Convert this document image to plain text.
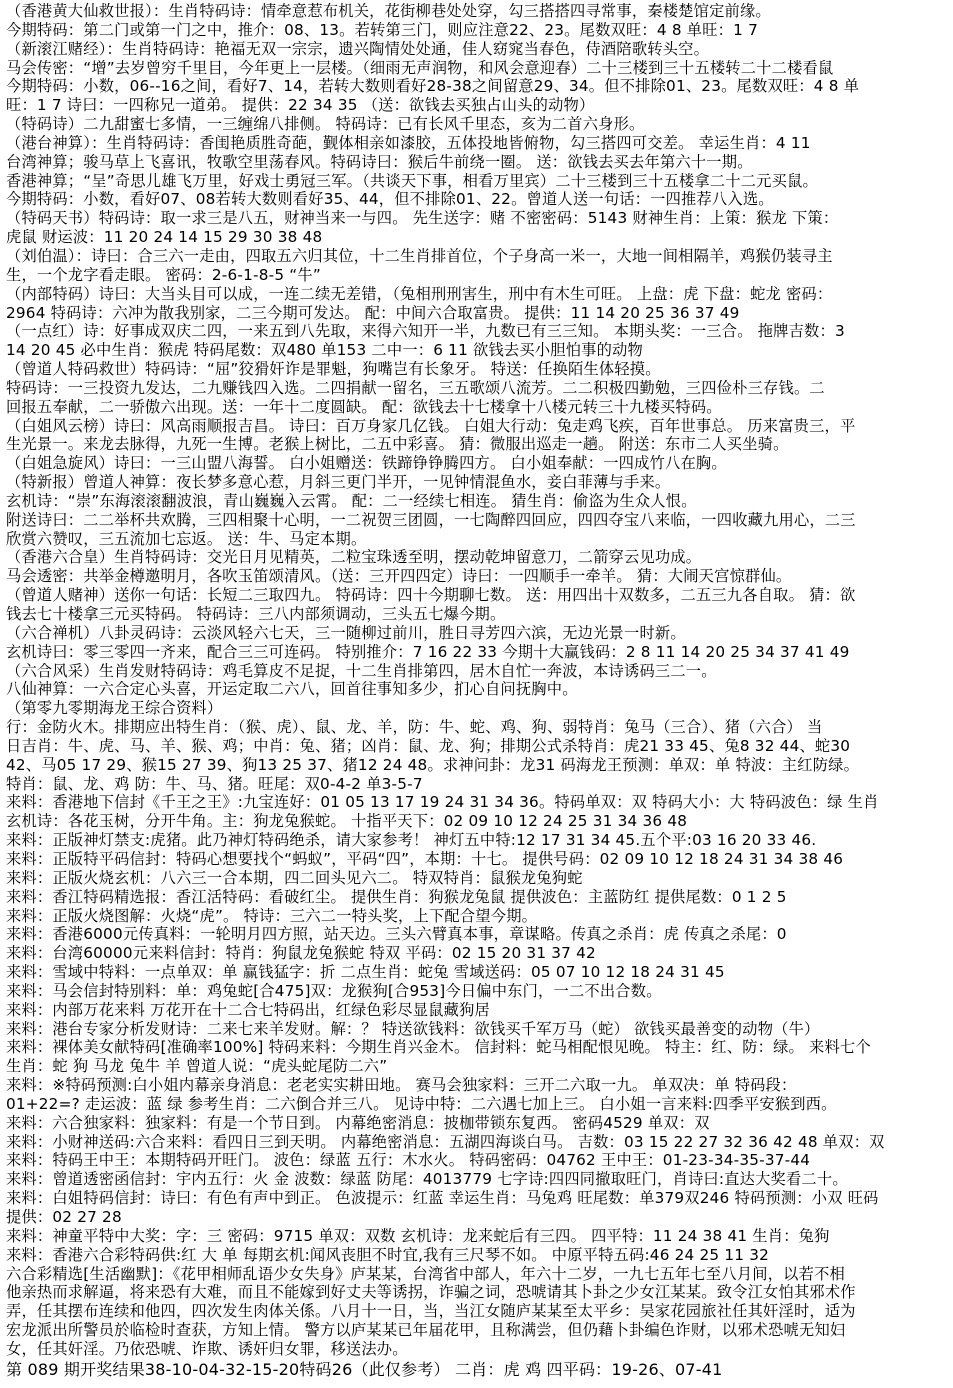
（香港黄大仙救世报）：生肖特码诗：情牵意惹布机关，花街柳巷处处穿，勾三搭搭四寻常事，秦楼楚馆定前缘。
今期特码：第二门或第一门之中，推介：08、13。若转第三门，则应注意22、23。尾数双旺：4 8 单旺：1 7
（新滚江赌经）：生肖特码诗：艳福无双一宗宗，遗兴陶情处处通，佳人窈窕当春色，侍酒陪歌转头空。
马会传密：“增”去岁曾穷千里目，今年更上一层楼。（细雨无声润物，和风会意迎春）二十三楼到三十五楼转二十二楼看鼠
今期特码：小数，06--16之间，看好7、14，若转大数则看好28-38之间留意29、34。但不排除01、23。尾数双旺：4 8 单
旺：1 7 诗曰：一四称兄一道弟。 提供：22 34 35 （送：欲钱去买独占山头的动物）
（特码诗）二九甜蜜七多情，一三缠绵八排侧。 特码诗：已有长风千里态，亥为二首六身形。
（港台神算）：生肖特码诗：香闺艳质胜奇葩，觐体相亲如漆胶，五体投地皆俯物，勾三搭四可交差。 幸运生肖：4 11
台湾神算；骏马草上飞喜讯，牧歌空里荡春风。特码诗曰：猴后牛前绕一圈。 送：欲钱去买去年第六十一期。
香港神算；“呈”奇思儿雄飞万里，好戏士勇冠三军。（共谈天下事，相看万里宾）二十三楼到三十五楼拿二十二元买鼠。
今期特码：小数，看好07、08若转大数则看好35、44，但不排除01、22。曾道人送一句话：一四推荐八入选。
（特码天书）特码诗：取一求三是八五，财神当来一与四。 先生送字：赌 不密密码：5143 财神生肖：上策：猴龙 下策：
虎鼠 财运波：11 20 24 14 15 29 30 38 48
（刘伯温）：诗曰：合三六一走由，四取五六归其位，十二生肖排首位，个子身高一米一，大地一间相隔羊，鸡猴仍装寻主
生，一个龙字看走眼。 密码：2-6-1-8-5 “牛”
（内部特码）诗曰：大当头目可以成，一连二续无差错，（兔相刑刑害生，刑中有木生可旺。 上盘：虎 下盘：蛇龙 密码：
2964 特码诗：六冲为散我别家，二三今期可发达。 配：中间六合取富贵。 提供：11 14 20 25 36 37 49
（一点红）诗：好事成双庆二四，一来五到八先取，来得六知开一半，九数已有三三知。 本期头奖：一三合。 拖牌吉数：3
14 20 45 必中生肖：猴虎 特码尾数：双480 单153 二中一：6 11 欲钱去买小胆怕事的动物
（曾道人特码救世）特码诗：“屈”狡猾奸诈是罪魁，狗嘴岂有长象牙。 特送：任换陌生体轻摸。
特码诗：一三投资九发达，二九赚钱四入选。二四捐献一留名，三五歌颂八流芳。二二积极四勤勉，三四俭朴三存钱。二
回报五奉献，二一骄傲六出现。送：一年十二度圆缺。 配：欲钱去十七楼拿十八楼元转三十九楼买特码。
（白姐风云榜）诗曰：风高雨顺报吉昌。 诗曰：百万身家几亿钱。 白姐大行动：兔走鸡飞疾，百年世事总。 历来富贵三，平
生光景一。来龙去脉得，九死一生博。老猴上树比，二五中彩喜。 猜：微服出巡走一趟。 附送：东市二人买坐骑。
（白姐急旋风）诗曰：一三山盟八海誓。 白小姐赠送：铁蹄铮铮腾四方。 白小姐奉献：一四成竹八在胸。
（特新报）曾道人神算：夜长梦多意心惹，月斜三更门半开，一见钟情混鱼水，妾白菲薄与手来。
玄机诗：“崇”东海滚滚翻波浪，青山巍巍入云霄。 配：二一经续七相连。 猜生肖：偷盗为生众人恨。
附送诗曰：二二举杯共欢腾，三四相聚十心明，一二祝贺三团圆，一七陶醉四回应，四四夺宝八来临，一四收藏九用心，二三
欣赏六赞叹，三五流加七忘返。 送：牛、马定本期。
（香港六合皇）生肖特码诗：交光日月见精英，二粒宝珠透至明，摆动乾坤留意刀，二箭穿云见功成。
马会透密：共举金樽邀明月，各吹玉笛颂清风。（送：三开四四定）诗曰：一四顺手一牵羊。 猜：大闹天宫惊群仙。
（曾道人赌神）送你一句话：长短二三取四九。 特码诗：四十今期聊七数。 送：用四出十双数多，二五三九各自取。 猜：欲
钱去七十楼拿三元买特码。 特码诗：三八内部须调动，三头五七爆今期。
（六合禅机）八卦灵码诗：云淡风轻六七天，三一随柳过前川，胜日寻芳四六滨，无边光景一时新。
玄机诗曰：零三零四一齐来，配合三三可连码。 特别推介：7 16 22 33 今期十大赢钱码：2 8 11 14 20 25 34 37 41 49
（六合风采）生肖发财特码诗：鸡毛算皮不足捉，十二生肖排第四，居木自忙一奔波，本诗诱码三二一。
八仙神算：一六合定心头喜，开运定取二六八，回首往事知多少，扪心自问抚胸中。
（第零九零期海龙王综合资料）
行：金防火木。排期应出特生肖：（猴、虎）、鼠、龙、羊，防：牛、蛇、鸡、狗、弱特肖：兔马（三合）、猪（六合） 当
日吉肖：牛、虎、马、羊、猴、鸡；中肖：兔、猪；凶肖：鼠、龙、狗；排期公式杀特肖：虎21 33 45、兔8 32 44、蛇30
42、马05 17 29、猴15 27 39、狗13 25 37、猪12 24 48。求神问卦：龙31 码海龙王预测：单双：单 特波：主红防绿。
特肖：鼠、龙、鸡 防：牛、马、猪。旺尾：双0-4-2 单3-5-7
来料：香港地下信封《千王之王》:九宝连好：01 05 13 17 19 24 31 34 36。特码单双：双 特码大小：大 特码波色：绿 生肖
玄机诗：各花玉树，分开牛角。主：狗龙兔猴蛇。 十指平天下：02 09 10 12 24 25 31 34 36 48
来料：正版神灯禁支:虎猪。此乃神灯特码绝杀，请大家参考！ 神灯五中特:12 17 31 34 45.五个平:03 16 20 33 46.
来料：正版特平码信封：特码心想要找个“蚂蚁”，平码“四”，本期：十七。 提供号码：02 09 10 12 18 24 31 34 38 46
来料：正版火烧玄机：八六三一合本期，四二回头见六二。 特双特肖：鼠猴龙兔狗蛇
来料：香江特码精选报：香江活特码：看破红尘。 提供生肖：狗猴龙兔鼠 提供波色：主蓝防红 提供尾数：0 1 2 5
来料：正版火烧图解：火烧“虎”。 特诗：三六二一特头奖，上下配合望今期。
来料：香港6000元传真料：一轮明月四方照，站天边。三头六臂真本事，章谋略。传真之杀肖：虎 传真之杀尾：0
来料：台湾60000元来料信封：特肖：狗鼠龙兔猴蛇 特双 平码：02 15 20 31 37 42
来料：雪域中特料：一点单双：单 赢钱猛字：折 二点生肖：蛇兔 雪域送码：05 07 10 12 18 24 31 45
来料：马会信封特别料：单：鸡兔蛇[合475]双：龙猴狗[合953]今日偏中东门，一二不出合数。
来料：内部万花来料 万花开在十二合七特码出，红绿色彩尽显鼠藏狗居
来料：港台专家分析发财诗：二来七来羊发财。解：？ 特送欲钱料：欲钱买千军万马（蛇） 欲钱买最善变的动物（牛）
来料：裸体美女献特码[准确率100%] 特码来料：今期生肖兴金木。 信封料：蛇马相配恨见晚。 特主：红、防：绿。 来料七个
生肖：蛇 狗 马龙 兔牛 羊 曾道人说：“虎头蛇尾防二六”
来料：※特码预测:白小姐内幕亲身消息：老老实实耕田地。 赛马会独家料：三开二六取一九。 单双决：单 特码段：
01+22=? 走运波：蓝 绿 参考生肖：二六倒合并三八。 见诗中特：二六遇七加上三。 白小姐一言来料:四季平安猴到西。
来料：六合独家料：独家料：有是一个节日到。 内幕绝密消息：披枷带锁东复西。 密码4529 单双：双
来料：小财神送码:六合来料：看四日三到天明。 内幕绝密消息：五湖四海谈白马。 吉数：03 15 22 27 32 36 42 48 单双：双
来料：特码王中王：本期特码开旺门。 波色：绿蓝 五行：木水火。 特码密码：04762 王中王：01-23-34-35-37-44
来料：曾道透密函信封：宇内五行：火 金 波数：绿蓝 防尾：4013779 七字诗:四四同撤取旺门，肖诗曰:直达大奖看二十。
来料：白姐特码信封：诗曰：有色有声中到正。 色波提示：红蓝 幸运生肖：马兔鸡 旺尾数：单379双246 特码预测：小双 旺码
提供：02 27 28
来料：神童平特中大奖：字：三 密码：9715 单双：双数 玄机诗：龙来蛇后有三四。 四平特：11 24 38 41 生肖：兔狗
来料：香港六合彩特码供:红 大 单 每期玄机:闻风丧胆不时宜,我有三尺琴不如。 中原平特五码:46 24 25 11 32
六合彩精选[生活幽默]：《花甲相师乱语少女失身》庐某某，台湾省中部人，年六十二岁，一九七五年七至八月间，以若不相
他亲热而求解逼，将来恐有大难，而且不能嫁到好丈夫等诱拐，诈骗之词，恐唬请其卜卦之少女江某某。致令江女怕其邪术作
弄，任其摆布连续和他四，四次发生肉体关係。八月十一日，当，当江女随庐某某至太平乡：吴家花园旅社任其奸淫时，适为
宏龙派出所警员於临检时查获，方知上情。 警方以庐某某已年届花甲，且称满尝，但仍藉卜卦编色诈财，以邪术恐唬无知妇
女，任其奸淫。乃依恐唬、诈欺、诱奸归女罪，移送法办。
第 089 期开奖结果38-10-04-32-15-20特码26（此仅参考） 二肖：虎 鸡 四平码：19-26、07-41
